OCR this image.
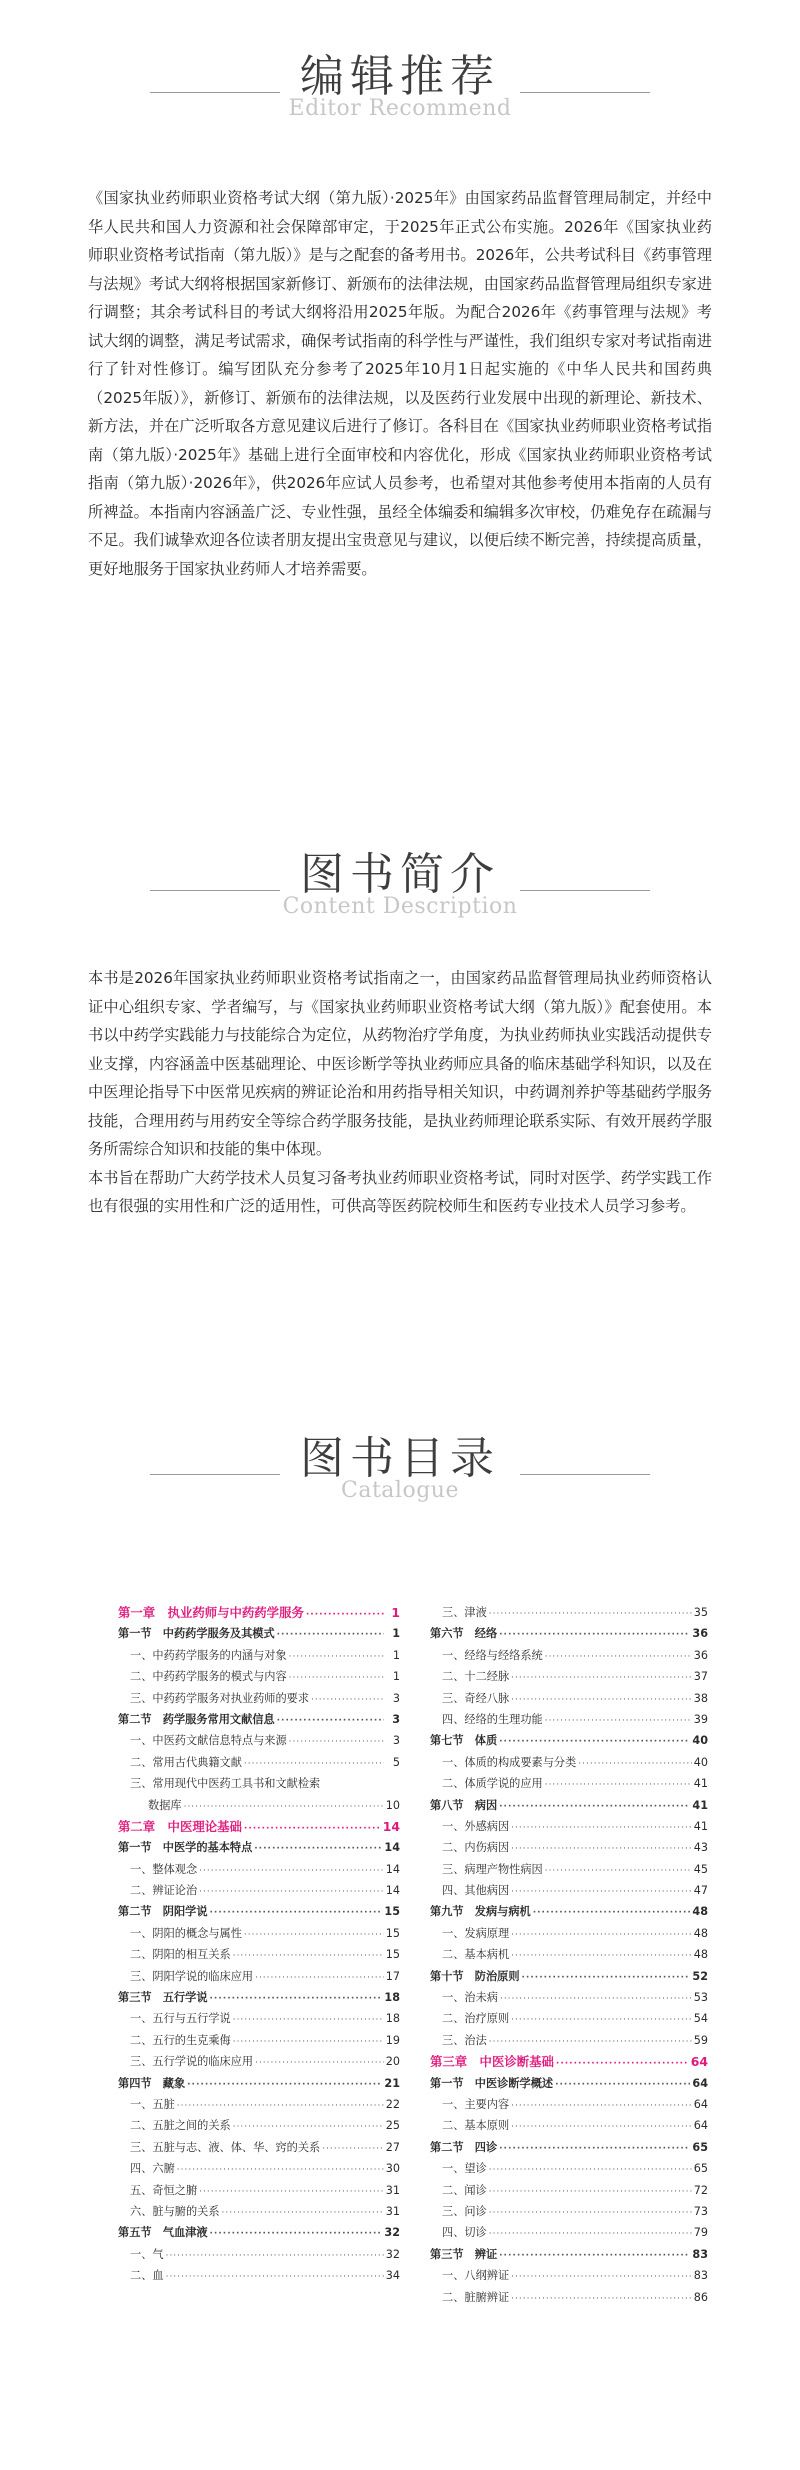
编辑推荐
Editor Recommend

《国家执业药师职业资格考试大纲（第九版）·2025年》由国家药品监督管理局制定，并经中华人民共和国人力资源和社会保障部审定，于2025年正式公布实施。2026年《国家执业药师职业资格考试指南（第九版）》是与之配套的备考用书。2026年，公共考试科目《药事管理与法规》考试大纲将根据国家新修订、新颁布的法律法规，由国家药品监督管理局组织专家进行调整；其余考试科目的考试大纲将沿用2025年版。为配合2026年《药事管理与法规》考试大纲的调整，满足考试需求，确保考试指南的科学性与严谨性，我们组织专家对考试指南进行了针对性修订。编写团队充分参考了2025年10月1日起实施的《中华人民共和国药典（2025年版）》，新修订、新颁布的法律法规，以及医药行业发展中出现的新理论、新技术、新方法，并在广泛听取各方意见建议后进行了修订。各科目在《国家执业药师职业资格考试指南（第九版）·2025年》基础上进行全面审校和内容优化，形成《国家执业药师职业资格考试指南（第九版）·2026年》，供2026年应试人员参考，也希望对其他参考使用本指南的人员有所裨益。本指南内容涵盖广泛、专业性强，虽经全体编委和编辑多次审校，仍难免存在疏漏与不足。我们诚挚欢迎各位读者朋友提出宝贵意见与建议，以便后续不断完善，持续提高质量，更好地服务于国家执业药师人才培养需要。

图书简介
Content Description

本书是2026年国家执业药师职业资格考试指南之一，由国家药品监督管理局执业药师资格认证中心组织专家、学者编写，与《国家执业药师职业资格考试大纲（第九版）》配套使用。本书以中药学实践能力与技能综合为定位，从药物治疗学角度，为执业药师执业实践活动提供专业支撑，内容涵盖中医基础理论、中医诊断学等执业药师应具备的临床基础学科知识，以及在中医理论指导下中医常见疾病的辨证论治和用药指导相关知识，中药调剂养护等基础药学服务技能，合理用药与用药安全等综合药学服务技能，是执业药师理论联系实际、有效开展药学服务所需综合知识和技能的集中体现。

本书旨在帮助广大药学技术人员复习备考执业药师职业资格考试，同时对医学、药学实践工作也有很强的实用性和广泛的适用性，可供高等医药院校师生和医药专业技术人员学习参考。

图书目录
Catalogue
第一章　执业药师与中药药学服务 ·····	1
第一节　中药药学服务及其模式 ·····	1
一、中药药学服务的内涵与对象 ·····	1
二、中药药学服务的模式与内容 ·····	1
三、中药药学服务对执业药师的要求 ·····	3
第二节　药学服务常用文献信息 ·····	3
一、中医药文献信息特点与来源 ·····	3
二、常用古代典籍文献 ·····	5
三、常用现代中医药工具书和文献检索
数据库 ·····	10
第二章　中医理论基础 ·····	14
第一节　中医学的基本特点 ·····	14
一、整体观念 ·····	14
二、辨证论治 ·····	14
第二节　阴阳学说 ·····	15
一、阴阳的概念与属性 ·····	15
二、阴阳的相互关系 ·····	15
三、阴阳学说的临床应用 ·····	17
第三节　五行学说 ·····	18
一、五行与五行学说 ·····	18
二、五行的生克乘侮 ·····	19
三、五行学说的临床应用 ·····	20
第四节　藏象 ·····	21
一、五脏 ·····	22
二、五脏之间的关系 ·····	25
三、五脏与志、液、体、华、窍的关系 ·····	27
四、六腑 ·····	30
五、奇恒之腑 ·····	31
六、脏与腑的关系 ·····	31
第五节　气血津液 ·····	32
一、气 ·····	32
二、血 ·····	34
三、津液 ·····	35
第六节　经络 ·····	36
一、经络与经络系统 ·····	36
二、十二经脉 ·····	37
三、奇经八脉 ·····	38
四、经络的生理功能 ·····	39
第七节　体质 ·····	40
一、体质的构成要素与分类 ·····	40
二、体质学说的应用 ·····	41
第八节　病因 ·····	41
一、外感病因 ·····	41
二、内伤病因 ·····	43
三、病理产物性病因 ·····	45
四、其他病因 ·····	47
第九节　发病与病机 ·····	48
一、发病原理 ·····	48
二、基本病机 ·····	48
第十节　防治原则 ·····	52
一、治未病 ·····	53
二、治疗原则 ·····	54
三、治法 ·····	59
第三章　中医诊断基础 ·····	64
第一节　中医诊断学概述 ·····	64
一、主要内容 ·····	64
二、基本原则 ·····	64
第二节　四诊 ·····	65
一、望诊 ·····	65
二、闻诊 ·····	72
三、问诊 ·····	73
四、切诊 ·····	79
第三节　辨证 ·····	83
一、八纲辨证 ·····	83
二、脏腑辨证 ·····	86
